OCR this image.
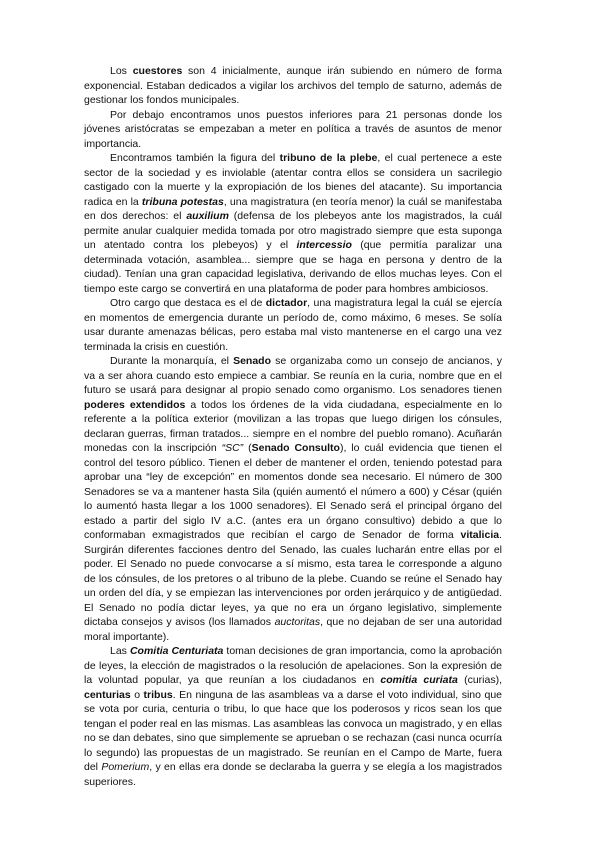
Los cuestores son 4 inicialmente, aunque irán subiendo en número de forma exponencial. Estaban dedicados a vigilar los archivos del templo de saturno, además de gestionar los fondos municipales.

Por debajo encontramos unos puestos inferiores para 21 personas donde los jóvenes aristócratas se empezaban a meter en política a través de asuntos de menor importancia.

Encontramos también la figura del tribuno de la plebe, el cual pertenece a este sector de la sociedad y es inviolable (atentar contra ellos se considera un sacrilegio castigado con la muerte y la expropiación de los bienes del atacante). Su importancia radica en la tribuna potestas, una magistratura (en teoría menor) la cuál se manifestaba en dos derechos: el auxilium (defensa de los plebeyos ante los magistrados, la cuál permite anular cualquier medida tomada por otro magistrado siempre que esta suponga un atentado contra los plebeyos) y el intercessio (que permitía paralizar una determinada votación, asamblea... siempre que se haga en persona y dentro de la ciudad). Tenían una gran capacidad legislativa, derivando de ellos muchas leyes. Con el tiempo este cargo se convertirá en una plataforma de poder para hombres ambiciosos.

Otro cargo que destaca es el de dictador, una magistratura legal la cuál se ejercía en momentos de emergencia durante un período de, como máximo, 6 meses. Se solía usar durante amenazas bélicas, pero estaba mal visto mantenerse en el cargo una vez terminada la crisis en cuestión.

Durante la monarquía, el Senado se organizaba como un consejo de ancianos, y va a ser ahora cuando esto empiece a cambiar. Se reunía en la curia, nombre que en el futuro se usará para designar al propio senado como organismo. Los senadores tienen poderes extendidos a todos los órdenes de la vida ciudadana, especialmente en lo referente a la política exterior (movilizan a las tropas que luego dirigen los cónsules, declaran guerras, firman tratados... siempre en el nombre del pueblo romano). Acuñarán monedas con la inscripción “SC” (Senado Consulto), lo cuál evidencia que tienen el control del tesoro público. Tienen el deber de mantener el orden, teniendo potestad para aprobar una “ley de excepción” en momentos donde sea necesario. El número de 300 Senadores se va a mantener hasta Sila (quién aumentó el número a 600) y César (quién lo aumentó hasta llegar a los 1000 senadores). El Senado será el principal órgano del estado a partir del siglo IV a.C. (antes era un órgano consultivo) debido a que lo conformaban exmagistrados que recibían el cargo de Senador de forma vitalicia. Surgirán diferentes facciones dentro del Senado, las cuales lucharán entre ellas por el poder. El Senado no puede convocarse a sí mismo, esta tarea le corresponde a alguno de los cónsules, de los pretores o al tribuno de la plebe. Cuando se reúne el Senado hay un orden del día, y se empiezan las intervenciones por orden jerárquico y de antigüedad. El Senado no podía dictar leyes, ya que no era un órgano legislativo, simplemente dictaba consejos y avisos (los llamados auctoritas, que no dejaban de ser una autoridad moral importante).

Las Comitia Centuriata toman decisiones de gran importancia, como la aprobación de leyes, la elección de magistrados o la resolución de apelaciones. Son la expresión de la voluntad popular, ya que reunían a los ciudadanos en comitia curiata (curias), centurias o tribus. En ninguna de las asambleas va a darse el voto individual, sino que se vota por curia, centuria o tribu, lo que hace que los poderosos y ricos sean los que tengan el poder real en las mismas. Las asambleas las convoca un magistrado, y en ellas no se dan debates, sino que simplemente se aprueban o se rechazan (casi nunca ocurría lo segundo) las propuestas de un magistrado. Se reunían en el Campo de Marte, fuera del Pomerium, y en ellas era donde se declaraba la guerra y se elegía a los magistrados superiores.
